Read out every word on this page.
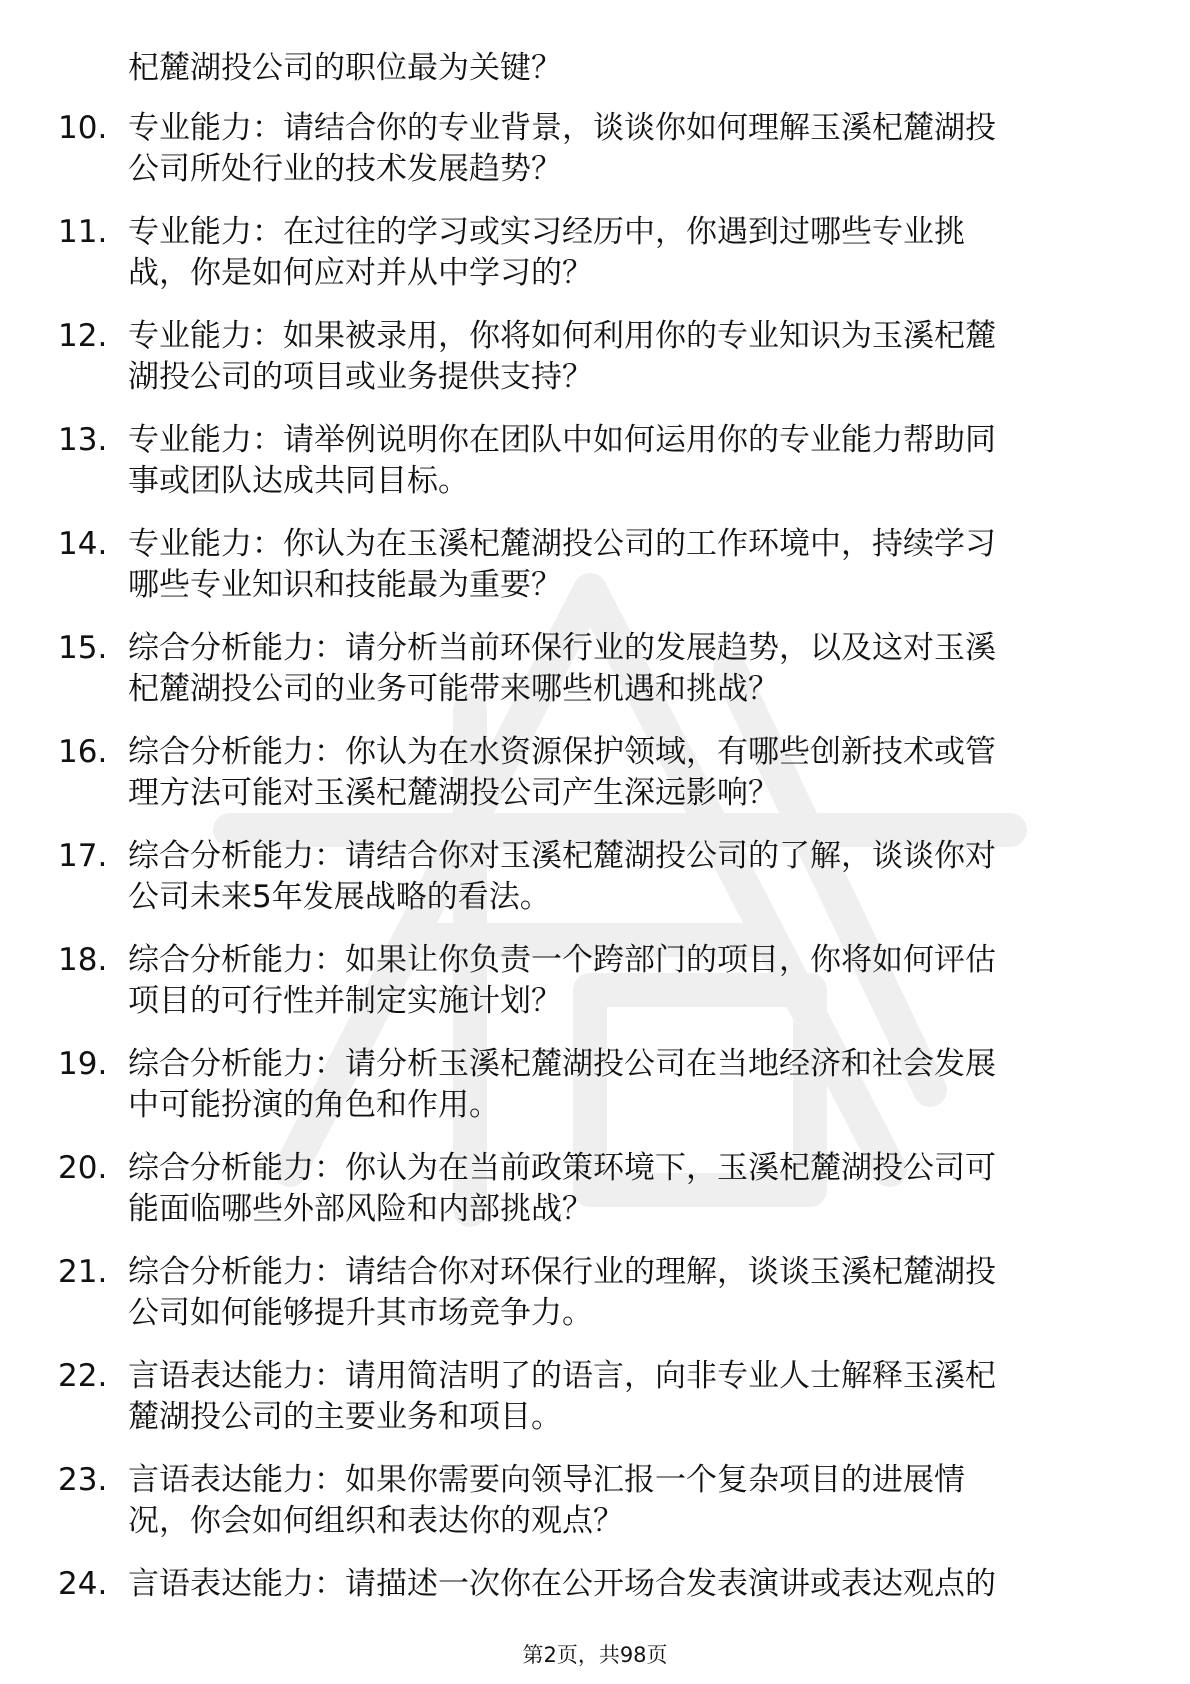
杞麓湖投公司的职位最为关键？
10. 专业能力：请结合你的专业背景，谈谈你如何理解玉溪杞麓湖投
公司所处行业的技术发展趋势？
11. 专业能力：在过往的学习或实习经历中，你遇到过哪些专业挑
战，你是如何应对并从中学习的？
12. 专业能力：如果被录用，你将如何利用你的专业知识为玉溪杞麓
湖投公司的项目或业务提供支持？
13. 专业能力：请举例说明你在团队中如何运用你的专业能力帮助同
事或团队达成共同目标。
14. 专业能力：你认为在玉溪杞麓湖投公司的工作环境中，持续学习
哪些专业知识和技能最为重要？
15. 综合分析能力：请分析当前环保行业的发展趋势，以及这对玉溪
杞麓湖投公司的业务可能带来哪些机遇和挑战？
16. 综合分析能力：你认为在水资源保护领域，有哪些创新技术或管
理方法可能对玉溪杞麓湖投公司产生深远影响？
17. 综合分析能力：请结合你对玉溪杞麓湖投公司的了解，谈谈你对
公司未来5年发展战略的看法。
18. 综合分析能力：如果让你负责一个跨部门的项目，你将如何评估
项目的可行性并制定实施计划？
19. 综合分析能力：请分析玉溪杞麓湖投公司在当地经济和社会发展
中可能扮演的角色和作用。
20. 综合分析能力：你认为在当前政策环境下，玉溪杞麓湖投公司可
能面临哪些外部风险和内部挑战？
21. 综合分析能力：请结合你对环保行业的理解，谈谈玉溪杞麓湖投
公司如何能够提升其市场竞争力。
22. 言语表达能力：请用简洁明了的语言，向非专业人士解释玉溪杞
麓湖投公司的主要业务和项目。
23. 言语表达能力：如果你需要向领导汇报一个复杂项目的进展情
况，你会如何组织和表达你的观点？
24. 言语表达能力：请描述一次你在公开场合发表演讲或表达观点的
第2页，共98页
